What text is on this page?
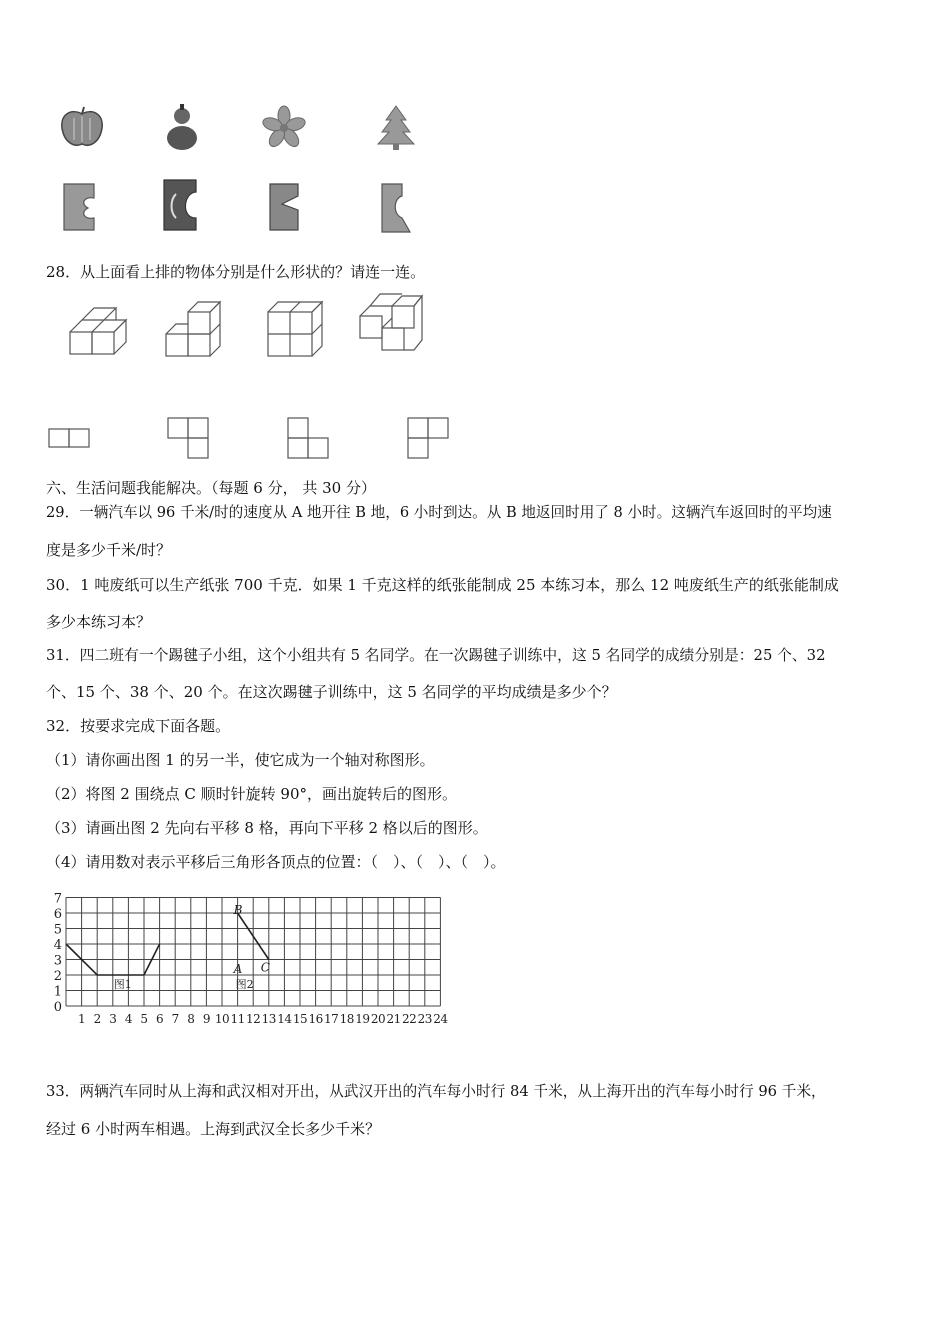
28．从上面看上排的物体分别是什么形状的？请连一连。
六、生活问题我能解决。（每题 6 分， 共 30 分）
29．一辆汽车以 96 千米/时的速度从 A 地开往 B 地，6 小时到达。从 B 地返回时用了 8 小时。这辆汽车返回时的平均速
度是多少千米/时？
30．1 吨废纸可以生产纸张 700 千克．如果 1 千克这样的纸张能制成 25 本练习本，那么 12 吨废纸生产的纸张能制成
多少本练习本？
31．四二班有一个踢毽子小组，这个小组共有 5 名同学。在一次踢毽子训练中，这 5 名同学的成绩分别是：25 个、32
个、15 个、38 个、20 个。在这次踢毽子训练中，这 5 名同学的平均成绩是多少个？
32．按要求完成下面各题。
（1）请你画出图 1 的另一半，使它成为一个轴对称图形。
（2）将图 2 围绕点 C 顺时针旋转 90°，画出旋转后的图形。
（3）请画出图 2 先向右平移 8 格，再向下平移 2 格以后的图形。
（4）请用数对表示平移后三角形各顶点的位置：（　）、（　）、（　）。
7
6
5
4
3
2
1
0
1 2 3 4 5 6 7 8 9 10 11 12 13 14 15 16 17 18 19 20 21 22 23 24
A
B
C
图1	图2
33．两辆汽车同时从上海和武汉相对开出，从武汉开出的汽车每小时行 84 千米，从上海开出的汽车每小时行 96 千米，
经过 6 小时两车相遇。上海到武汉全长多少千米？
